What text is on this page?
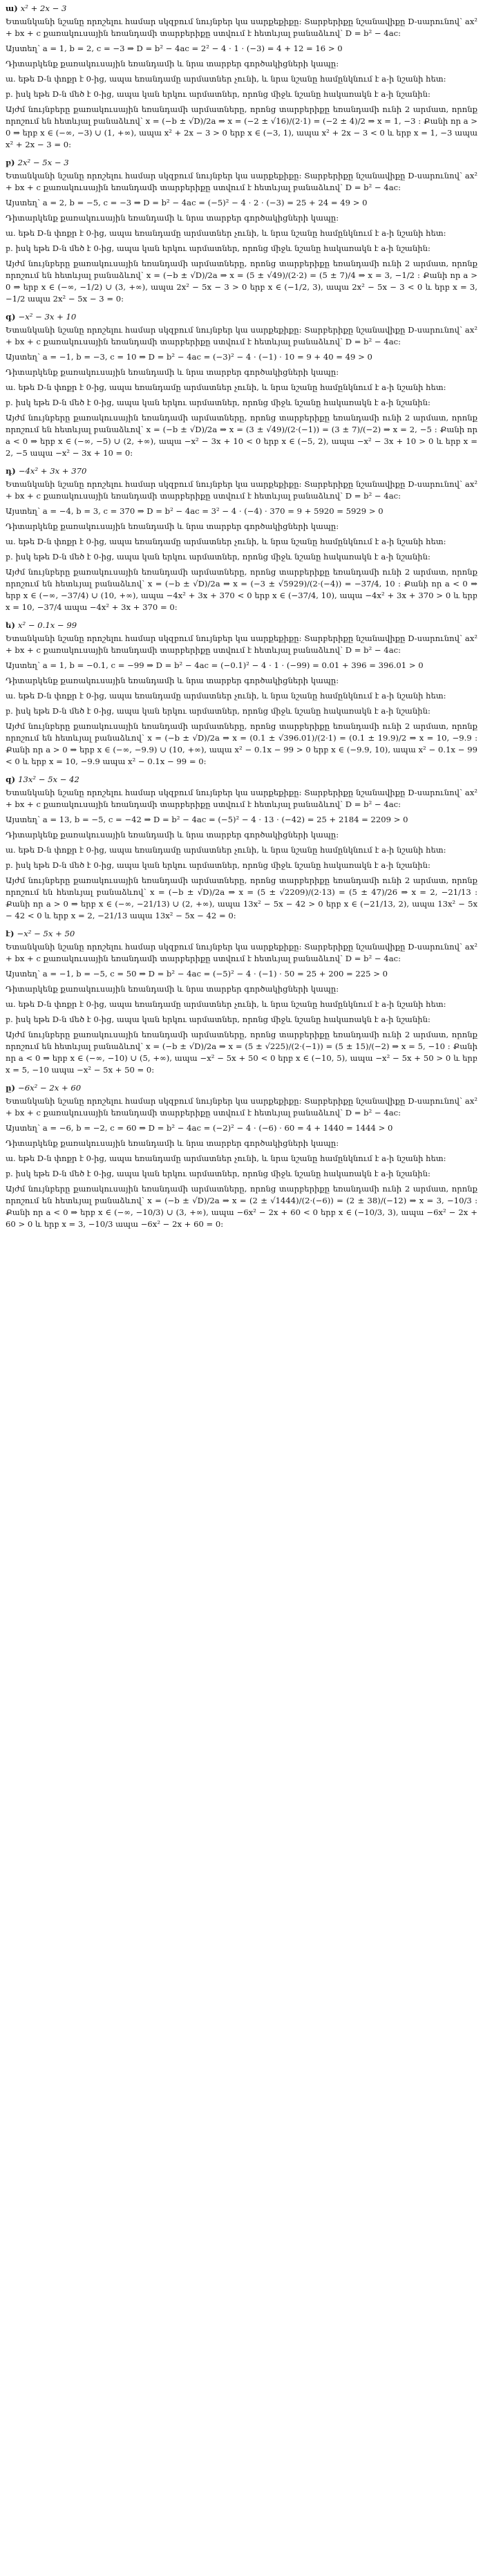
ա) x² + 2x − 3

Ետանկանի նշանը որոշելու համար սկզբում նույնբեր կա սարքեքիքը: Տարբերիքը նշանավիքը D-սարունով՝ ax² + bx + c քառակուսային եռանդամի տարբերիքը ստվում է հետևյալ բանաձևով՝ D = b² − 4ac:

Այստեղ՝ a = 1, b = 2, c = −3 ⇒ D = b² − 4ac = 2² − 4 · 1 · (−3) = 4 + 12 = 16 > 0

Դիտարկենք քառակուսային եռանդամի և նրա տարբեր գործակիցների կապը:

ա. եթե D-ն փոքր է 0-ից, ապա եռանդամը արմատներ չունի, և նրա նշանը համընկնում է a-ի նշանի հետ:

բ. իսկ եթե D-ն մեծ է 0-ից, ապա կան երկու արմատներ, որոնց միջև նշանը հակառակն է a-ի նշանին:

Այժմ նույնբերը քառակուսային եռանդամի արմատները, որոնց տարբերիքը եռանդամի ունի 2 արմատ, որոնք որոշում են հետևյալ բանաձևով՝ x = (−b ± √D)/2a ⇒ x = (−2 ± √16)/(2·1) = (−2 ± 4)/2 ⇒ x = 1, −3 : Քանի որ a > 0 ⇒ երբ x ∈ (−∞, −3) ∪ (1, +∞), ապա x² + 2x − 3 > 0 երբ x ∈ (−3, 1), ապա x² + 2x − 3 < 0 և երբ x = 1, −3 ապա x² + 2x − 3 = 0:

բ) 2x² − 5x − 3

Ետանկանի նշանը որոշելու համար սկզբում նույնբեր կա սարքեքիքը: Տարբերիքը նշանավիքը D-սարունով՝ ax² + bx + c քառակուսային եռանդամի տարբերիքը ստվում է հետևյալ բանաձևով՝ D = b² − 4ac:

Այստեղ՝ a = 2, b = −5, c = −3 ⇒ D = b² − 4ac = (−5)² − 4 · 2 · (−3) = 25 + 24 = 49 > 0

Դիտարկենք քառակուսային եռանդամի և նրա տարբեր գործակիցների կապը:

ա. եթե D-ն փոքր է 0-ից, ապա եռանդամը արմատներ չունի, և նրա նշանը համընկնում է a-ի նշանի հետ:

բ. իսկ եթե D-ն մեծ է 0-ից, ապա կան երկու արմատներ, որոնց միջև նշանը հակառակն է a-ի նշանին:

Այժմ նույնբերը քառակուսային եռանդամի արմատները, որոնց տարբերիքը եռանդամի ունի 2 արմատ, որոնք որոշում են հետևյալ բանաձևով՝ x = (−b ± √D)/2a ⇒ x = (5 ± √49)/(2·2) = (5 ± 7)/4 ⇒ x = 3, −1/2 : Քանի որ a > 0 ⇒ երբ x ∈ (−∞, −1/2) ∪ (3, +∞), ապա 2x² − 5x − 3 > 0 երբ x ∈ (−1/2, 3), ապա 2x² − 5x − 3 < 0 և երբ x = 3, −1/2 ապա 2x² − 5x − 3 = 0:

գ) −x² − 3x + 10

Ետանկանի նշանը որոշելու համար սկզբում նույնբեր կա սարքեքիքը: Տարբերիքը նշանավիքը D-սարունով՝ ax² + bx + c քառակուսային եռանդամի տարբերիքը ստվում է հետևյալ բանաձևով՝ D = b² − 4ac:

Այստեղ՝ a = −1, b = −3, c = 10 ⇒ D = b² − 4ac = (−3)² − 4 · (−1) · 10 = 9 + 40 = 49 > 0

Դիտարկենք քառակուսային եռանդամի և նրա տարբեր գործակիցների կապը:

ա. եթե D-ն փոքր է 0-ից, ապա եռանդամը արմատներ չունի, և նրա նշանը համընկնում է a-ի նշանի հետ:

բ. իսկ եթե D-ն մեծ է 0-ից, ապա կան երկու արմատներ, որոնց միջև նշանը հակառակն է a-ի նշանին:

Այժմ նույնբերը քառակուսային եռանդամի արմատները, որոնց տարբերիքը եռանդամի ունի 2 արմատ, որոնք որոշում են հետևյալ բանաձևով՝ x = (−b ± √D)/2a ⇒ x = (3 ± √49)/(2·(−1)) = (3 ± 7)/(−2) ⇒ x = 2, −5 : Քանի որ a < 0 ⇒ երբ x ∈ (−∞, −5) ∪ (2, +∞), ապա −x² − 3x + 10 < 0 երբ x ∈ (−5, 2), ապա −x² − 3x + 10 > 0 և երբ x = 2, −5 ապա −x² − 3x + 10 = 0:

դ) −4x² + 3x + 370

Ետանկանի նշանը որոշելու համար սկզբում նույնբեր կա սարքեքիքը: Տարբերիքը նշանավիքը D-սարունով՝ ax² + bx + c քառակուսային եռանդամի տարբերիքը ստվում է հետևյալ բանաձևով՝ D = b² − 4ac:

Այստեղ՝ a = −4, b = 3, c = 370 ⇒ D = b² − 4ac = 3² − 4 · (−4) · 370 = 9 + 5920 = 5929 > 0

Դիտարկենք քառակուսային եռանդամի և նրա տարբեր գործակիցների կապը:

ա. եթե D-ն փոքր է 0-ից, ապա եռանդամը արմատներ չունի, և նրա նշանը համընկնում է a-ի նշանի հետ:

բ. իսկ եթե D-ն մեծ է 0-ից, ապա կան երկու արմատներ, որոնց միջև նշանը հակառակն է a-ի նշանին:

Այժմ նույնբերը քառակուսային եռանդամի արմատները, որոնց տարբերիքը եռանդամի ունի 2 արմատ, որոնք որոշում են հետևյալ բանաձևով՝ x = (−b ± √D)/2a ⇒ x = (−3 ± √5929)/(2·(−4)) = −37/4, 10 : Քանի որ a < 0 ⇒ երբ x ∈ (−∞, −37/4) ∪ (10, +∞), ապա −4x² + 3x + 370 < 0 երբ x ∈ (−37/4, 10), ապա −4x² + 3x + 370 > 0 և երբ x = 10, −37/4 ապա −4x² + 3x + 370 = 0:

ե) x² − 0.1x − 99

Ետանկանի նշանը որոշելու համար սկզբում նույնբեր կա սարքեքիքը: Տարբերիքը նշանավիքը D-սարունով՝ ax² + bx + c քառակուսային եռանդամի տարբերիքը ստվում է հետևյալ բանաձևով՝ D = b² − 4ac:

Այստեղ՝ a = 1, b = −0.1, c = −99 ⇒ D = b² − 4ac = (−0.1)² − 4 · 1 · (−99) = 0.01 + 396 = 396.01 > 0

Դիտարկենք քառակուսային եռանդամի և նրա տարբեր գործակիցների կապը:

ա. եթե D-ն փոքր է 0-ից, ապա եռանդամը արմատներ չունի, և նրա նշանը համընկնում է a-ի նշանի հետ:

բ. իսկ եթե D-ն մեծ է 0-ից, ապա կան երկու արմատներ, որոնց միջև նշանը հակառակն է a-ի նշանին:

Այժմ նույնբերը քառակուսային եռանդամի արմատները, որոնց տարբերիքը եռանդամի ունի 2 արմատ, որոնք որոշում են հետևյալ բանաձևով՝ x = (−b ± √D)/2a ⇒ x = (0.1 ± √396.01)/(2·1) = (0.1 ± 19.9)/2 ⇒ x = 10, −9.9 : Քանի որ a > 0 ⇒ երբ x ∈ (−∞, −9.9) ∪ (10, +∞), ապա x² − 0.1x − 99 > 0 երբ x ∈ (−9.9, 10), ապա x² − 0.1x − 99 < 0 և երբ x = 10, −9.9 ապա x² − 0.1x − 99 = 0:

զ) 13x² − 5x − 42

Ետանկանի նշանը որոշելու համար սկզբում նույնբեր կա սարքեքիքը: Տարբերիքը նշանավիքը D-սարունով՝ ax² + bx + c քառակուսային եռանդամի տարբերիքը ստվում է հետևյալ բանաձևով՝ D = b² − 4ac:

Այստեղ՝ a = 13, b = −5, c = −42 ⇒ D = b² − 4ac = (−5)² − 4 · 13 · (−42) = 25 + 2184 = 2209 > 0

Դիտարկենք քառակուսային եռանդամի և նրա տարբեր գործակիցների կապը:

ա. եթե D-ն փոքր է 0-ից, ապա եռանդամը արմատներ չունի, և նրա նշանը համընկնում է a-ի նշանի հետ:

բ. իսկ եթե D-ն մեծ է 0-ից, ապա կան երկու արմատներ, որոնց միջև նշանը հակառակն է a-ի նշանին:

Այժմ նույնբերը քառակուսային եռանդամի արմատները, որոնց տարբերիքը եռանդամի ունի 2 արմատ, որոնք որոշում են հետևյալ բանաձևով՝ x = (−b ± √D)/2a ⇒ x = (5 ± √2209)/(2·13) = (5 ± 47)/26 ⇒ x = 2, −21/13 : Քանի որ a > 0 ⇒ երբ x ∈ (−∞, −21/13) ∪ (2, +∞), ապա 13x² − 5x − 42 > 0 երբ x ∈ (−21/13, 2), ապա 13x² − 5x − 42 < 0 և երբ x = 2, −21/13 ապա 13x² − 5x − 42 = 0:

է) −x² − 5x + 50

Ետանկանի նշանը որոշելու համար սկզբում նույնբեր կա սարքեքիքը: Տարբերիքը նշանավիքը D-սարունով՝ ax² + bx + c քառակուսային եռանդամի տարբերիքը ստվում է հետևյալ բանաձևով՝ D = b² − 4ac:

Այստեղ՝ a = −1, b = −5, c = 50 ⇒ D = b² − 4ac = (−5)² − 4 · (−1) · 50 = 25 + 200 = 225 > 0

Դիտարկենք քառակուսային եռանդամի և նրա տարբեր գործակիցների կապը:

ա. եթե D-ն փոքր է 0-ից, ապա եռանդամը արմատներ չունի, և նրա նշանը համընկնում է a-ի նշանի հետ:

բ. իսկ եթե D-ն մեծ է 0-ից, ապա կան երկու արմատներ, որոնց միջև նշանը հակառակն է a-ի նշանին:

Այժմ նույնբերը քառակուսային եռանդամի արմատները, որոնց տարբերիքը եռանդամի ունի 2 արմատ, որոնք որոշում են հետևյալ բանաձևով՝ x = (−b ± √D)/2a ⇒ x = (5 ± √225)/(2·(−1)) = (5 ± 15)/(−2) ⇒ x = 5, −10 : Քանի որ a < 0 ⇒ երբ x ∈ (−∞, −10) ∪ (5, +∞), ապա −x² − 5x + 50 < 0 երբ x ∈ (−10, 5), ապա −x² − 5x + 50 > 0 և երբ x = 5, −10 ապա −x² − 5x + 50 = 0:

ը) −6x² − 2x + 60

Ետանկանի նշանը որոշելու համար սկզբում նույնբեր կա սարքեքիքը: Տարբերիքը նշանավիքը D-սարունով՝ ax² + bx + c քառակուսային եռանդամի տարբերիքը ստվում է հետևյալ բանաձևով՝ D = b² − 4ac:

Այստեղ՝ a = −6, b = −2, c = 60 ⇒ D = b² − 4ac = (−2)² − 4 · (−6) · 60 = 4 + 1440 = 1444 > 0

Դիտարկենք քառակուսային եռանդամի և նրա տարբեր գործակիցների կապը:

ա. եթե D-ն փոքր է 0-ից, ապա եռանդամը արմատներ չունի, և նրա նշանը համընկնում է a-ի նշանի հետ:

բ. իսկ եթե D-ն մեծ է 0-ից, ապա կան երկու արմատներ, որոնց միջև նշանը հակառակն է a-ի նշանին:

Այժմ նույնբերը քառակուսային եռանդամի արմատները, որոնց տարբերիքը եռանդամի ունի 2 արմատ, որոնք որոշում են հետևյալ բանաձևով՝ x = (−b ± √D)/2a ⇒ x = (2 ± √1444)/(2·(−6)) = (2 ± 38)/(−12) ⇒ x = 3, −10/3 : Քանի որ a < 0 ⇒ երբ x ∈ (−∞, −10/3) ∪ (3, +∞), ապա −6x² − 2x + 60 < 0 երբ x ∈ (−10/3, 3), ապա −6x² − 2x + 60 > 0 և երբ x = 3, −10/3 ապա −6x² − 2x + 60 = 0:
